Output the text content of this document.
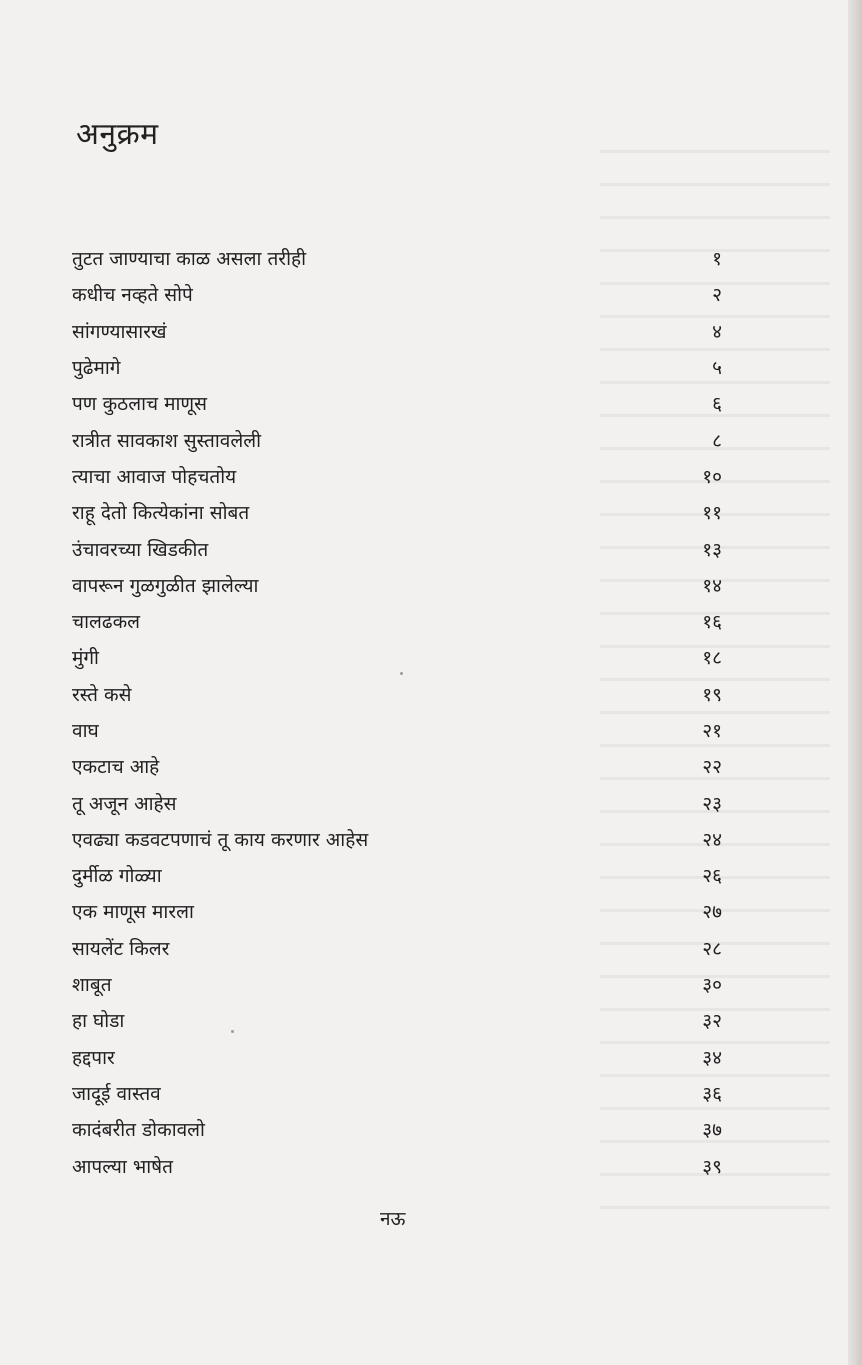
अनुक्रम
तुटत जाण्याचा काळ असला तरीही	१
कधीच नव्हते सोपे	२
सांगण्यासारखं	४
पुढेमागे	५
पण कुठलाच माणूस	६
रात्रीत सावकाश सुस्तावलेली	८
त्याचा आवाज पोहचतोय	१०
राहू देतो कित्येकांना सोबत	११
उंचावरच्या खिडकीत	१३
वापरून गुळगुळीत झालेल्या	१४
चालढकल	१६
मुंगी	१८
रस्ते कसे	१९
वाघ	२१
एकटाच आहे	२२
तू अजून आहेस	२३
एवढ्या कडवटपणाचं तू काय करणार आहेस	२४
दुर्मीळ गोळ्या	२६
एक माणूस मारला	२७
सायलेंट किलर	२८
शाबूत	३०
हा घोडा	३२
हद्दपार	३४
जादूई वास्तव	३६
कादंबरीत डोकावलो	३७
आपल्या भाषेत	३९
नऊ
